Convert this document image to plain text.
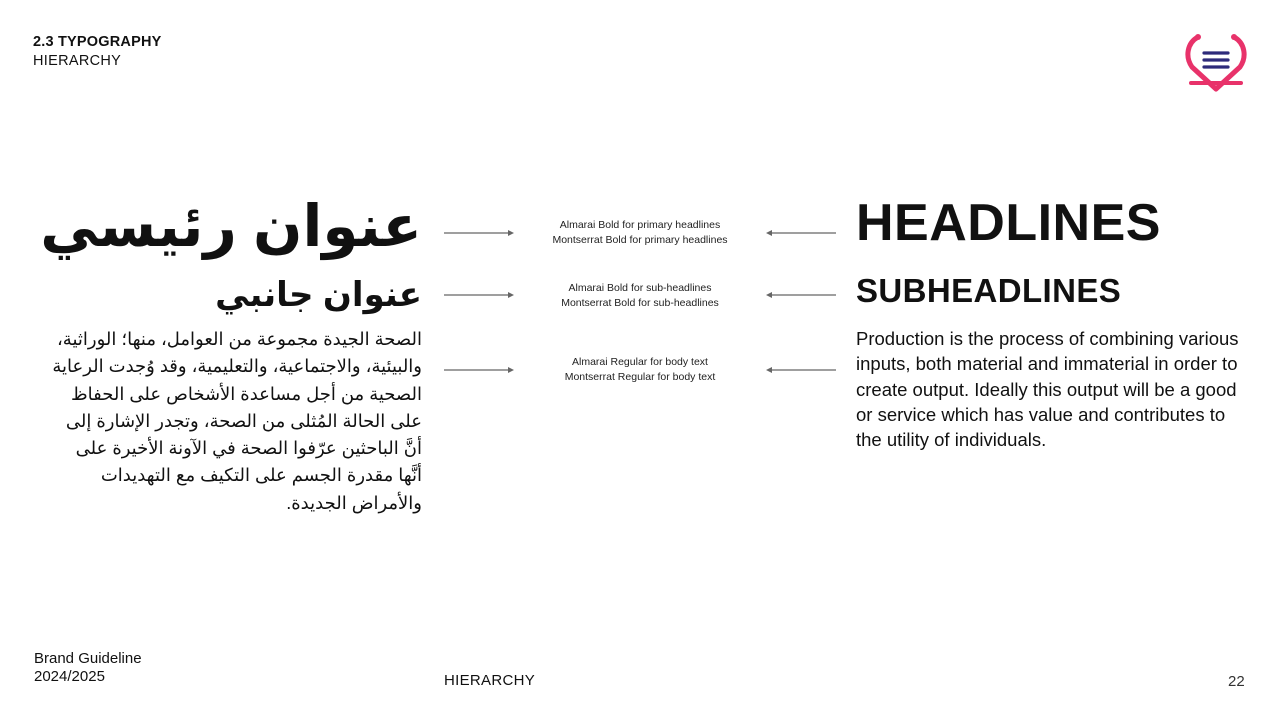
2.3 TYPOGRAPHY
HIERARCHY
عنوان رئيسي
عنوان جانبي
الصحة الجيدة مجموعة من العوامل، منها؛ الوراثية، والبيئية، والاجتماعية، والتعليمية، وقد وُجدت الرعاية الصحية من أجل مساعدة الأشخاص على الحفاظ على الحالة المُثلى من الصحة، وتجدر الإشارة إلى أنَّ الباحثين عرّفوا الصحة في الآونة الأخيرة على أنَّها مقدرة الجسم على التكيف مع التهديدات والأمراض الجديدة.
Almarai Bold for primary headlines
Montserrat Bold for primary headlines
Almarai Bold for sub-headlines
Montserrat Bold for sub-headlines
Almarai Regular for body text
Montserrat Regular for body text
HEADLINES
SUBHEADLINES
Production is the process of combining various inputs, both material and immaterial in order to create output. Ideally this output will be a good or service which has value and contributes to the utility of individuals.
Brand Guideline
2024/2025	HIERARCHY	22
